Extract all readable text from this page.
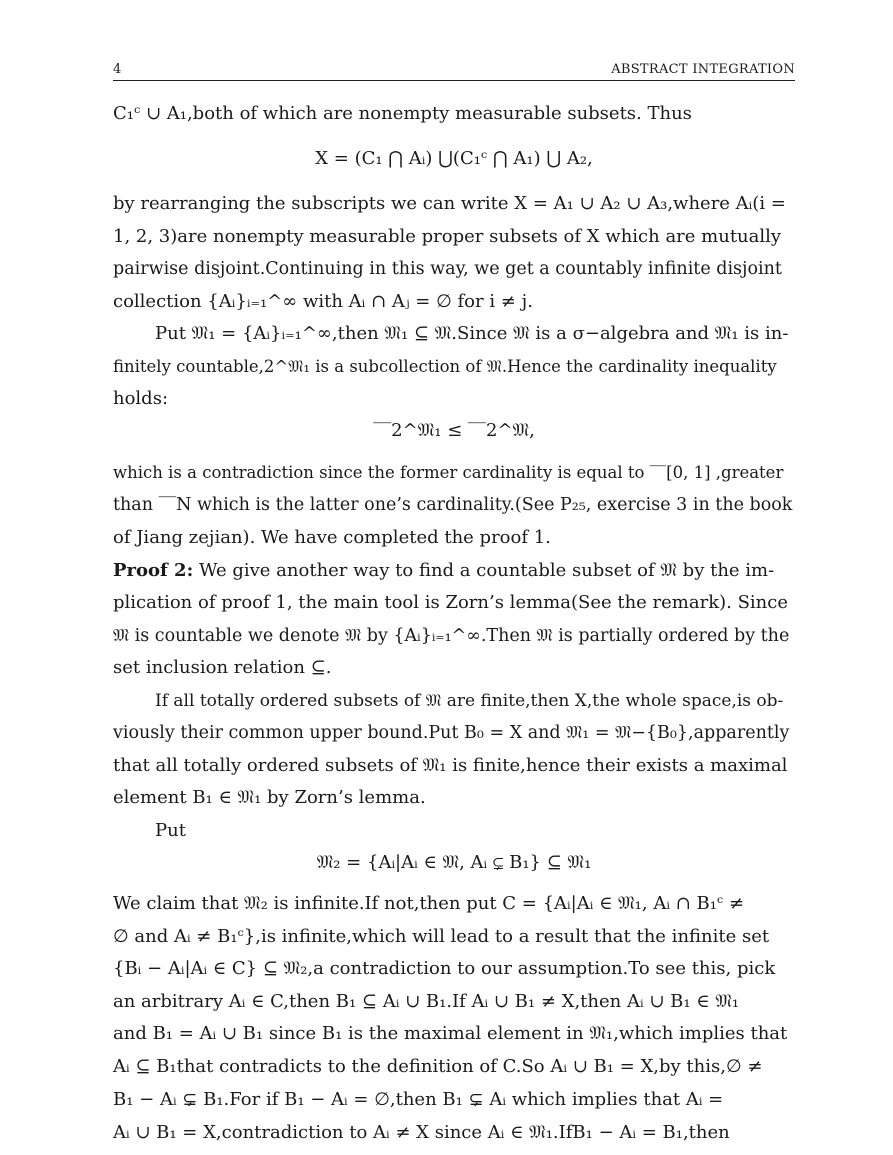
4	ABSTRACT INTEGRATION
C₁ᶜ ∪ A₁,both of which are nonempty measurable subsets. Thus
X = (C₁ ⋂ Aᵢ) ⋃(C₁ᶜ ⋂ A₁) ⋃ A₂,
by rearranging the subscripts we can write X = A₁ ∪ A₂ ∪ A₃,where Aᵢ(i =
1, 2, 3)are nonempty measurable proper subsets of X which are mutually
pairwise disjoint.Continuing in this way, we get a countably infinite disjoint
collection {Aᵢ}ᵢ₌₁^∞ with Aᵢ ∩ Aⱼ = ∅ for i ≠ j.
Put 𝔐₁ = {Aᵢ}ᵢ₌₁^∞,then 𝔐₁ ⊆ 𝔐.Since 𝔐 is a σ−algebra and 𝔐₁ is in-
finitely countable,2^𝔐₁ is a subcollection of 𝔐.Hence the cardinality inequality
holds:
‾‾2^𝔐₁ ≤ ‾‾2^𝔐,
which is a contradiction since the former cardinality is equal to ‾‾[0, 1] ,greater
than ‾‾N which is the latter one’s cardinality.(See P₂₅, exercise 3 in the book
of Jiang zejian). We have completed the proof 1.
Proof 2: We give another way to find a countable subset of 𝔐 by the im-
plication of proof 1, the main tool is Zorn’s lemma(See the remark). Since
𝔐 is countable we denote 𝔐 by {Aᵢ}ᵢ₌₁^∞.Then 𝔐 is partially ordered by the
set inclusion relation ⊆.
If all totally ordered subsets of 𝔐 are finite,then X,the whole space,is ob-
viously their common upper bound.Put B₀ = X and 𝔐₁ = 𝔐−{B₀},apparently
that all totally ordered subsets of 𝔐₁ is finite,hence their exists a maximal
element B₁ ∈ 𝔐₁ by Zorn’s lemma.
Put
𝔐₂ = {Aᵢ|Aᵢ ∈ 𝔐, Aᵢ ⊊ B₁} ⊆ 𝔐₁
We claim that 𝔐₂ is infinite.If not,then put C = {Aᵢ|Aᵢ ∈ 𝔐₁, Aᵢ ∩ B₁ᶜ ≠
∅ and Aᵢ ≠ B₁ᶜ},is infinite,which will lead to a result that the infinite set
{Bᵢ − Aᵢ|Aᵢ ∈ C} ⊆ 𝔐₂,a contradiction to our assumption.To see this, pick
an arbitrary Aᵢ ∈ C,then B₁ ⊆ Aᵢ ∪ B₁.If Aᵢ ∪ B₁ ≠ X,then Aᵢ ∪ B₁ ∈ 𝔐₁
and B₁ = Aᵢ ∪ B₁ since B₁ is the maximal element in 𝔐₁,which implies that
Aᵢ ⊆ B₁that contradicts to the definition of C.So Aᵢ ∪ B₁ = X,by this,∅ ≠
B₁ − Aᵢ ⊊ B₁.For if B₁ − Aᵢ = ∅,then B₁ ⊊ Aᵢ which implies that Aᵢ =
Aᵢ ∪ B₁ = X,contradiction to Aᵢ ≠ X since Aᵢ ∈ 𝔐₁.IfB₁ − Aᵢ = B₁,then
